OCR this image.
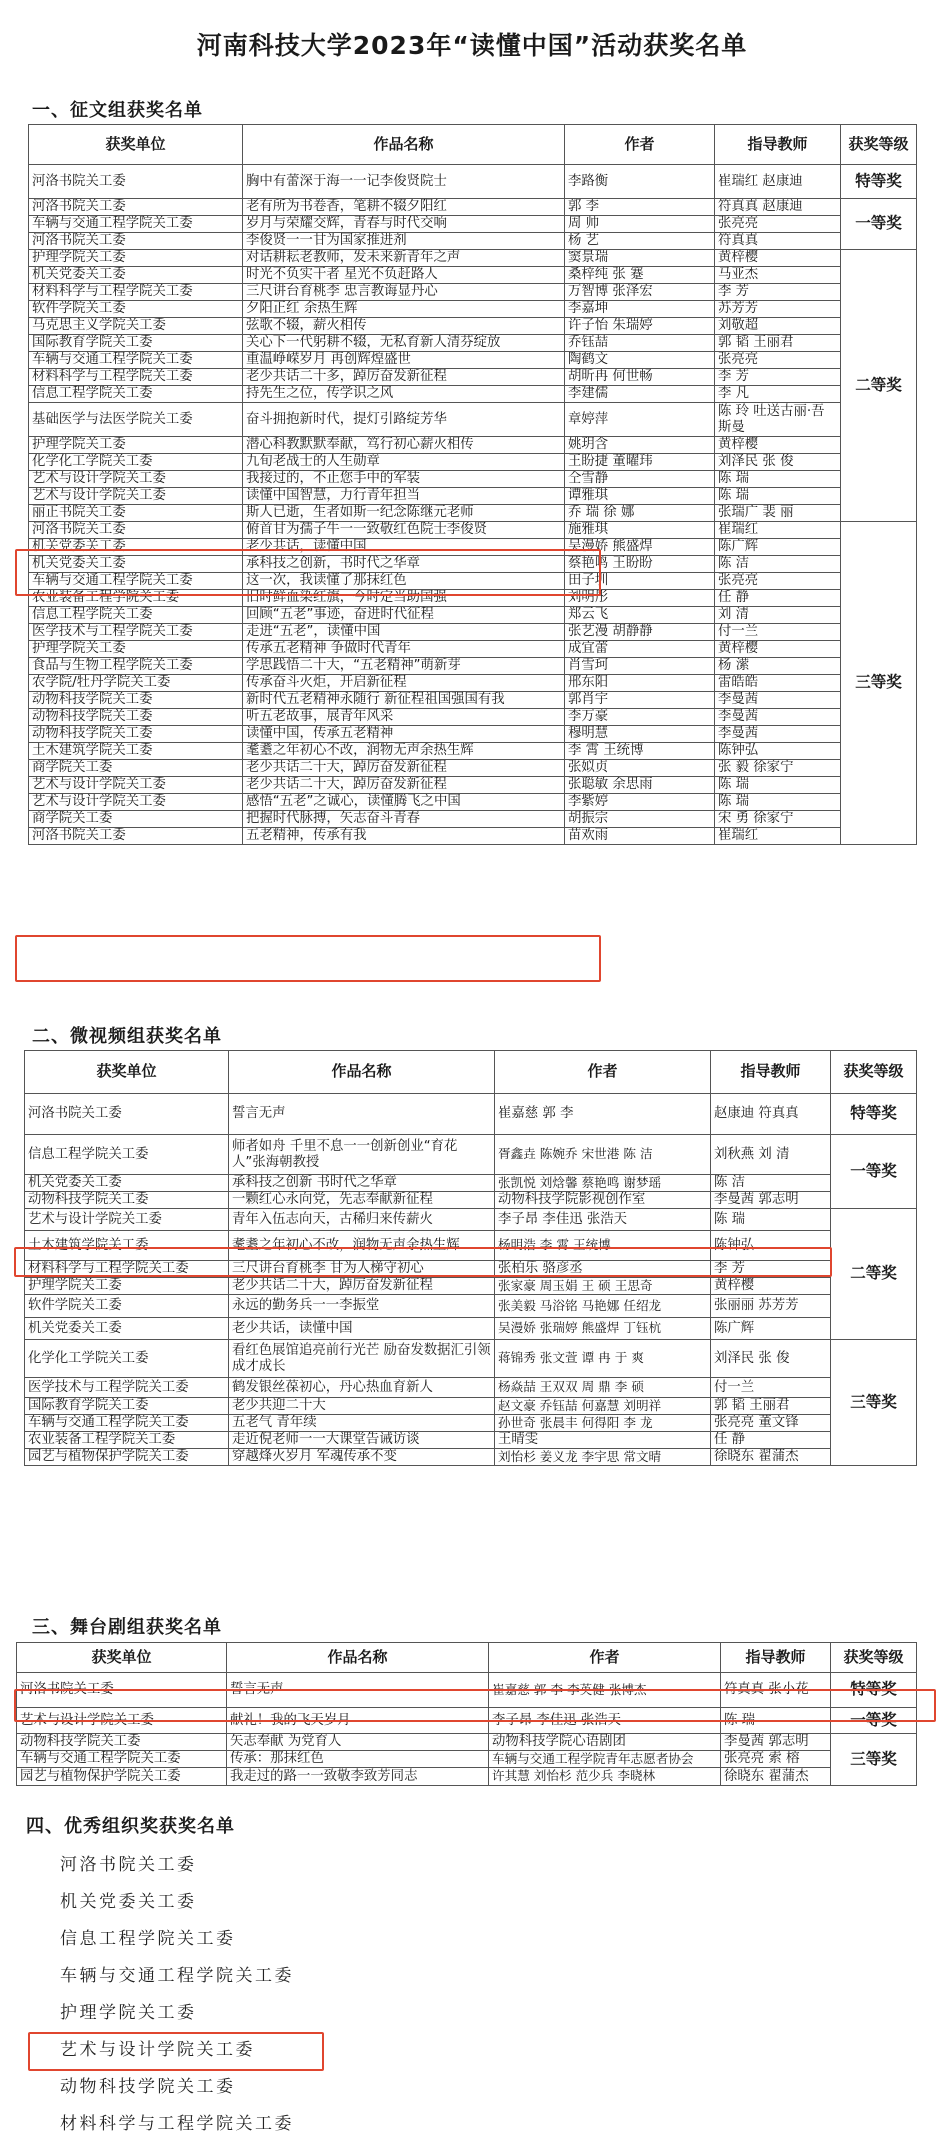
河南科技大学2023年“读懂中国”活动获奖名单
一、征文组获奖名单
获奖单位	作品名称	作者	指导教师	获奖等级
河洛书院关工委	胸中有蕾深于海一一记李俊贤院士	李路衡	崔瑞红 赵康迪	特等奖
河洛书院关工委	老有所为书卷香，笔耕不辍夕阳红	郭 李	符真真 赵康迪	一等奖
车辆与交通工程学院关工委	岁月与荣耀交辉，青春与时代交响	周 帅	张亮亮	
河洛书院关工委	李俊贤一一甘为国家推进剂	杨 艺	符真真	
护理学院关工委	对话耕耘老教师，发未来新青年之声	窦景瑞	黄梓樱	二等奖
机关党委关工委	时光不负实干者 星光不负赶路人	桑梓纯 张 蹇	马亚杰	
材料科学与工程学院关工委	三尺讲台育桃李 忠言教诲显丹心	万智博 张泽宏	李 芳	
软件学院关工委	夕阳正红 余热生辉	李嘉坤	苏芳芳	
马克思主义学院关工委	弦歌不辍，薪火相传	许子怡 朱瑞婷	刘敬超	
国际教育学院关工委	关心下一代躬耕不辍，无私育新人清芬绽放	乔钰喆	郭 韬 王丽君	
车辆与交通工程学院关工委	重温峥嵘岁月 再创辉煌盛世	陶鹤文	张亮亮	
材料科学与工程学院关工委	老少共话二十多，踔厉奋发新征程	胡昕冉 何世畅	李 芳	
信息工程学院关工委	持先生之位，传学识之风	李建儒	李 凡	
基础医学与法医学院关工委	奋斗拥抱新时代，提灯引路绽芳华	章婷萍	陈 玲 吐送古丽·吾斯曼	
护理学院关工委	潜心科教默默奉献，笃行初心薪火相传	姚玥含	黄梓樱	
化学化工学院关工委	九旬老战士的人生勋章	王盼捷 董曜玮	刘泽民 张 俊	
艺术与设计学院关工委	我接过的，不止您手中的军装	仝雪静	陈 瑞	
艺术与设计学院关工委	读懂中国智慧，力行青年担当	谭雅琪	陈 瑞	
丽正书院关工委	斯人已逝，生者如斯一纪念陈继元老师	乔 瑞 徐 娜	张瑞广 裴 丽	
河洛书院关工委	俯首甘为孺子牛一一致敬红色院士李俊贤	施雅琪	崔瑞红	三等奖
机关党委关工委	老少共话，读懂中国	吴漫娇 熊盛焊	陈广辉	
机关党委关工委	承科技之创新，书时代之华章	蔡艳鸣 王盼盼	陈 洁	
车辆与交通工程学院关工委	这一次，我读懂了那抹红色	田子圳	张亮亮	
农业装备工程学院关工委	旧时鲜血染红旗，今时定当助国强	刘明彤	任 静	
信息工程学院关工委	回顾“五老”事迹，奋进时代征程	郑云飞	刘 清	
医学技术与工程学院关工委	走进“五老”，读懂中国	张艺漫 胡静静	付一兰	
护理学院关工委	传承五老精神 争做时代青年	成宜蕾	黄梓樱	
食品与生物工程学院关工委	学思践悟二十大，“五老精神”萌新芽	肖雪珂	杨 潆	
农学院/牡丹学院关工委	传承奋斗火炬，开启新征程	邢东阳	雷皓皓	
动物科技学院关工委	新时代五老精神永随行 新征程祖国强国有我	郭肖宇	李曼茜	
动物科技学院关工委	听五老故事，展青年风采	李万豪	李曼茜	
动物科技学院关工委	读懂中国，传承五老精神	穆明慧	李曼茜	
土木建筑学院关工委	耄耋之年初心不改，润物无声余热生辉	李 霄 王统博	陈钟弘	
商学院关工委	老少共话二十大，踔厉奋发新征程	张姒贞	张 毅 徐家宁	
艺术与设计学院关工委	老少共话二十大，踔厉奋发新征程	张聪敏 余思雨	陈 瑞	
艺术与设计学院关工委	感悟“五老”之诚心，读懂腾飞之中国	李紫婷	陈 瑞	
商学院关工委	把握时代脉搏，矢志奋斗青春	胡振宗	宋 勇 徐家宁	
河洛书院关工委	五老精神，传承有我	苗欢雨	崔瑞红	
二、微视频组获奖名单
获奖单位	作品名称	作者	指导教师	获奖等级
河洛书院关工委	誓言无声	崔嘉慈 郭 李	赵康迪 符真真	特等奖
信息工程学院关工委	师者如舟 千里不息一一创新创业“育花人”张海朝教授	胥鑫垚 陈婉乔 宋世港 陈 洁	刘秋燕 刘 清	一等奖
机关党委关工委	承科技之创新 书时代之华章	张凯悦 刘焓馨 蔡艳鸣 谢梦瑶	陈 洁	
动物科技学院关工委	一颗红心永向党，先志奉献新征程	动物科技学院影视创作室	李曼茜 郭志明	
艺术与设计学院关工委	青年入伍志向天，古稀归来传薪火	李子昂 李佳迅 张浩天	陈 瑞	二等奖
土木建筑学院关工委	耄耋之年初心不改，润物无声余热生辉	杨明浩 李 霄 王统博	陈钟弘	
材料科学与工程学院关工委	三尺讲台育桃李 甘为人梯守初心	张柏乐 骆彦丞	李 芳	
护理学院关工委	老少共话二十大，踔厉奋发新征程	张家豪 周玉娟 王 硕 王思奇	黄梓樱	
软件学院关工委	永远的勤务兵一一李振堂	张美毅 马浴铭 马艳娜 任绍龙	张丽丽 苏芳芳	
机关党委关工委	老少共话，读懂中国	吴漫娇 张瑞婷 熊盛焊 丁钰杭	陈广辉	
化学化工学院关工委	看红色展馆追亮前行光芒 励奋发数据汇引领成才成长	蒋锦秀 张文萱 谭 冉 于 爽	刘泽民 张 俊	三等奖
医学技术与工程学院关工委	鹤发银丝葆初心，丹心热血育新人	杨焱喆 王双双 周 鼎 李 硕	付一兰	
国际教育学院关工委	老少共迎二十大	赵文豪 乔钰喆 何嘉慧 刘明祥	郭 韬 王丽君	
车辆与交通工程学院关工委	五老气 青年续	孙世奇 张晨丰 何得阳 李 龙	张亮亮 董文锋	
农业装备工程学院关工委	走近倪老师一一大课堂告诫访谈	王晴雯	任 静	
园艺与植物保护学院关工委	穿越烽火岁月 军魂传承不变	刘怡杉 姜义龙 李宇思 常文晴	徐晓东 翟蒲杰	
三、舞台剧组获奖名单
获奖单位	作品名称	作者	指导教师	获奖等级
河洛书院关工委	誓言无声	崔嘉慈 郭 李 李英健 张博杰	符真真 张小花	特等奖
艺术与设计学院关工委	献礼！我的飞天岁月	李子昂 李佳迅 张浩天	陈 瑞	一等奖
动物科技学院关工委	矢志奉献 为党育人	动物科技学院心语剧团	李曼茜 郭志明	三等奖
车辆与交通工程学院关工委	传承：那抹红色	车辆与交通工程学院青年志愿者协会	张亮亮 索 榕	
园艺与植物保护学院关工委	我走过的路一一致敬李致芳同志	许其慧 刘怡杉 范少兵 李晓林	徐晓东 翟蒲杰	
四、优秀组织奖获奖名单
河洛书院关工委
机关党委关工委
信息工程学院关工委
车辆与交通工程学院关工委
护理学院关工委
艺术与设计学院关工委
动物科技学院关工委
材料科学与工程学院关工委
